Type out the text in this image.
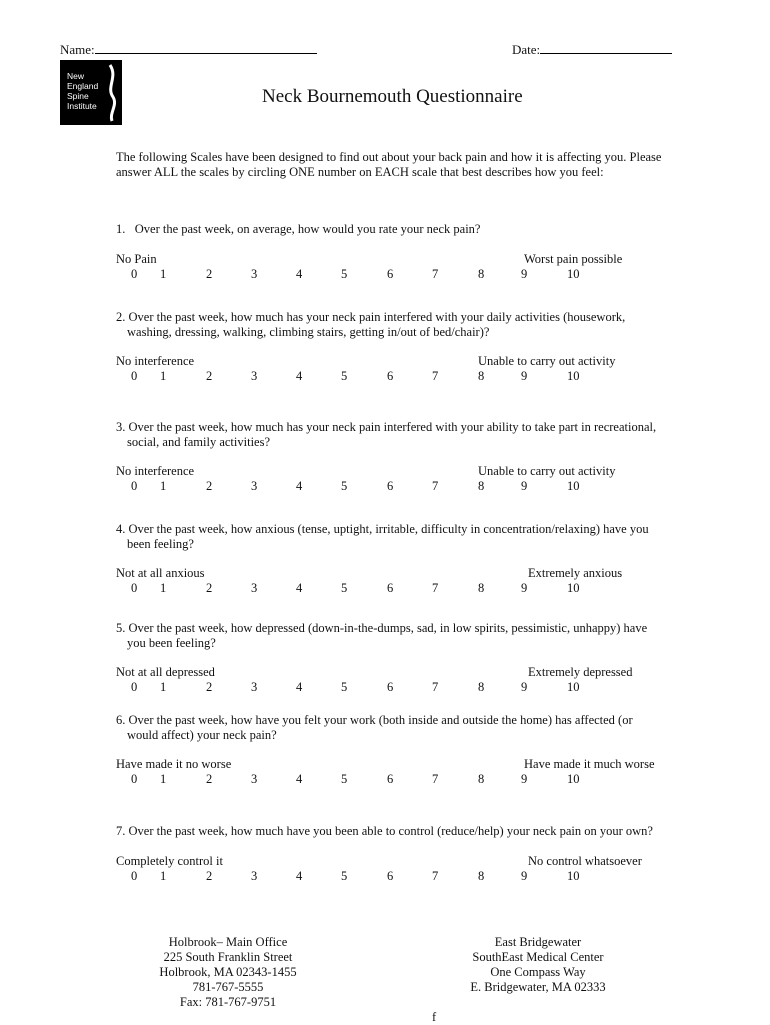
Name:	Date:
New
England
Spine
Institute	Neck Bournemouth Questionnaire
The following Scales have been designed to find out about your back pain and how it is affecting you. Please
answer ALL the scales by circling ONE number on EACH scale that best describes how you feel:
1.   Over the past week, on average, how would you rate your neck pain?
No Pain	Worst pain possible
0 1	2	3	4	5	6	7	8	9	10
2. Over the past week, how much has your neck pain interfered with your daily activities (housework,
washing, dressing, walking, climbing stairs, getting in/out of bed/chair)?
No interference	Unable to carry out activity
0 1	2	3	4	5	6	7	8	9	10
3. Over the past week, how much has your neck pain interfered with your ability to take part in recreational,
social, and family activities?
No interference	Unable to carry out activity
0 1	2	3	4	5	6	7	8	9	10
4. Over the past week, how anxious (tense, uptight, irritable, difficulty in concentration/relaxing) have you
been feeling?
Not at all anxious	Extremely anxious
0 1	2	3	4	5	6	7	8	9	10
5. Over the past week, how depressed (down-in-the-dumps, sad, in low spirits, pessimistic, unhappy) have
you been feeling?
Not at all depressed	Extremely depressed
0 1	2	3	4	5	6	7	8	9	10
6. Over the past week, how have you felt your work (both inside and outside the home) has affected (or
would affect) your neck pain?
Have made it no worse	Have made it much worse
0 1	2	3	4	5	6	7	8	9	10
7. Over the past week, how much have you been able to control (reduce/help) your neck pain on your own?
Completely control it	No control whatsoever
0 1	2	3	4	5	6	7	8	9	10
Holbrook– Main Office
225 South Franklin Street
Holbrook, MA 02343-1455
781-767-5555
Fax: 781-767-9751
East Bridgewater
SouthEast Medical Center
One Compass Way
E. Bridgewater, MA 02333
f
